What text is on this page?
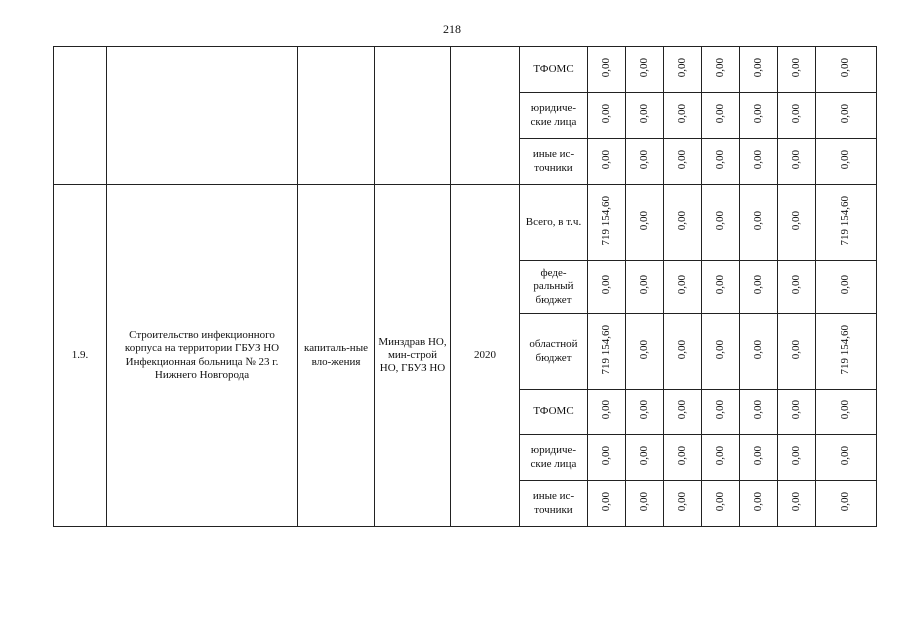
218
					ТФОМС	0,00	0,00	0,00	0,00	0,00	0,00	0,00
					юридиче-ские лица	0,00	0,00	0,00	0,00	0,00	0,00	0,00
					иные ис-точники	0,00	0,00	0,00	0,00	0,00	0,00	0,00
1.9.	Строительство инфекционного корпуса на территории ГБУЗ НО Инфекционная больница № 23 г. Нижнего Новгорода	капиталь-ные вло-жения	Минздрав НО, мин-строй НО, ГБУЗ НО	2020	Всего, в т.ч.	719 154,60	0,00	0,00	0,00	0,00	0,00	719 154,60
					феде-ральный бюджет	0,00	0,00	0,00	0,00	0,00	0,00	0,00
					областной бюджет	719 154,60	0,00	0,00	0,00	0,00	0,00	719 154,60
					ТФОМС	0,00	0,00	0,00	0,00	0,00	0,00	0,00
					юридиче-ские лица	0,00	0,00	0,00	0,00	0,00	0,00	0,00
					иные ис-точники	0,00	0,00	0,00	0,00	0,00	0,00	0,00
